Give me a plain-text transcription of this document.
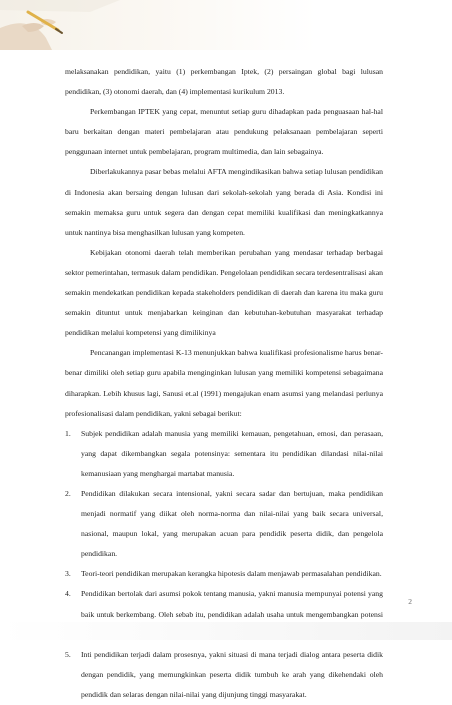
melaksanakan pendidikan, yaitu (1) perkembangan Iptek, (2) persaingan global bagi lulusan pendidikan, (3) otonomi daerah, dan (4) implementasi kurikulum 2013.

Perkembangan IPTEK yang cepat, menuntut setiap guru dihadapkan pada penguasaan hal-hal baru berkaitan dengan materi pembelajaran atau pendukung pelaksanaan pembelajaran seperti penggunaan internet untuk pembelajaran, program multimedia, dan lain sebagainya.

Diberlakukannya pasar bebas melalui AFTA mengindikasikan bahwa setiap lulusan pendidikan di Indonesia akan bersaing dengan lulusan dari sekolah-sekolah yang berada di Asia. Kondisi ini semakin memaksa guru untuk segera dan dengan cepat memiliki kualifikasi dan meningkatkannya untuk nantinya bisa menghasilkan lulusan yang kompeten.

Kebijakan otonomi daerah telah memberikan perubahan yang mendasar terhadap berbagai sektor pemerintahan, termasuk dalam pendidikan. Pengelolaan pendidikan secara terdesentralisasi akan semakin mendekatkan pendidikan kepada stakeholders pendidikan di daerah dan karena itu maka guru semakin dituntut untuk menjabarkan keinginan dan kebutuhan-kebutuhan masyarakat terhadap pendidikan melalui kompetensi yang dimilikinya

Pencanangan implementasi K-13 menunjukkan bahwa kualifikasi profesionalisme harus benar-benar dimiliki oleh setiap guru apabila menginginkan lulusan yang memiliki kompetensi sebagaimana diharapkan. Lebih khusus lagi, Sanusi et.al (1991) mengajukan enam asumsi yang melandasi perlunya profesionalisasi dalam pendidikan, yakni sebagai berikut:

1. Subjek pendidikan adalah manusia yang memiliki kemauan, pengetahuan, emosi, dan perasaan, yang dapat dikembangkan segala potensinya: sementara itu pendidikan dilandasi nilai-nilai kemanusiaan yang menghargai martabat manusia.
2. Pendidikan dilakukan secara intensional, yakni secara sadar dan bertujuan, maka pendidikan menjadi normatif yang diikat oleh norma-norma dan nilai-nilai yang baik secara universal, nasional, maupun lokal, yang merupakan acuan para pendidik peserta didik, dan pengelola pendidikan.
3. Teori-teori pendidikan merupakan kerangka hipotesis dalam menjawab permasalahan pendidikan.
4. Pendidikan bertolak dari asumsi pokok tentang manusia, yakni manusia mempunyai potensi yang baik untuk berkembang. Oleh sebab itu, pendidikan adalah usaha untuk mengembangkan potensi
5. Inti pendidikan terjadi dalam prosesnya, yakni situasi di mana terjadi dialog antara peserta didik dengan pendidik, yang memungkinkan peserta didik tumbuh ke arah yang dikehendaki oleh pendidik dan selaras dengan nilai-nilai yang dijunjung tinggi masyarakat.
2
